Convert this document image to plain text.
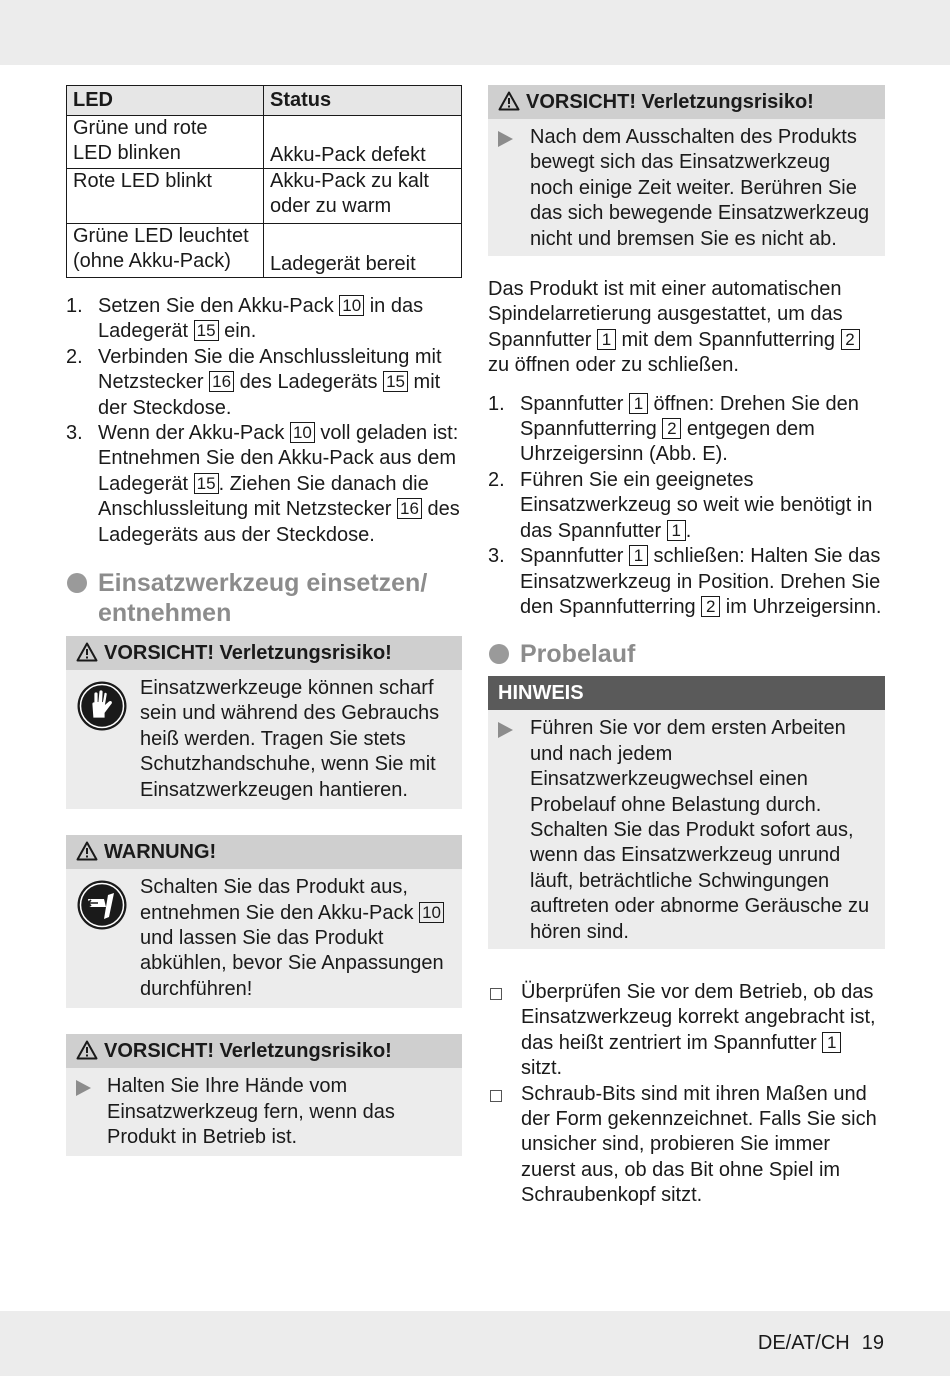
LED	Status
Grüne und rote
LED blinken	Akku-Pack defekt
Rote LED blinkt	Akku-Pack zu kalt
oder zu warm
Grüne LED leuchtet
(ohne Akku-Pack)	Ladegerät bereit
1. Setzen Sie den Akku-Pack 10 in das Ladegerät 15 ein.
2. Verbinden Sie die Anschlussleitung mit Netzstecker 16 des Ladegeräts 15 mit der Steckdose.
3. Wenn der Akku-Pack 10 voll geladen ist: Entnehmen Sie den Akku-Pack aus dem Ladegerät 15 . Ziehen Sie danach die Anschlussleitung mit Netzstecker 16 des Ladegeräts aus der Steckdose.
Einsatzwerkzeug einsetzen/
entnehmen
VORSICHT! Verletzungsrisiko!
Einsatzwerkzeuge können scharf sein und während des Gebrauchs heiß werden. Tragen Sie stets Schutzhandschuhe, wenn Sie mit Einsatzwerkzeugen hantieren.
WARNUNG!
Schalten Sie das Produkt aus, entnehmen Sie den Akku-Pack 10 und lassen Sie das Produkt abkühlen, bevor Sie Anpassungen durchführen!
VORSICHT! Verletzungsrisiko!
Halten Sie Ihre Hände vom Einsatzwerkzeug fern, wenn das Produkt in Betrieb ist.
VORSICHT! Verletzungsrisiko!
Nach dem Ausschalten des Produkts bewegt sich das Einsatzwerkzeug noch einige Zeit weiter. Berühren Sie das sich bewegende Einsatzwerkzeug nicht und bremsen Sie es nicht ab.

Das Produkt ist mit einer automatischen Spindelarretierung ausgestattet, um das Spannfutter 1 mit dem Spannfutterring 2 zu öffnen oder zu schließen.

1. Spannfutter 1 öffnen: Drehen Sie den Spannfutterring 2 entgegen dem Uhrzeigersinn (Abb. E).
2. Führen Sie ein geeignetes Einsatzwerkzeug so weit wie benötigt in das Spannfutter 1 .
3. Spannfutter 1 schließen: Halten Sie das Einsatzwerkzeug in Position. Drehen Sie den Spannfutterring 2 im Uhrzeigersinn.
Probelauf
HINWEIS
Führen Sie vor dem ersten Arbeiten und nach jedem Einsatzwerkzeugwechsel einen Probelauf ohne Belastung durch. Schalten Sie das Produkt sofort aus, wenn das Einsatzwerkzeug unrund läuft, beträchtliche Schwingungen auftreten oder abnorme Geräusche zu hören sind.
Überprüfen Sie vor dem Betrieb, ob das Einsatzwerkzeug korrekt angebracht ist, das heißt zentriert im Spannfutter 1 sitzt.
Schraub-Bits sind mit ihren Maßen und der Form gekennzeichnet. Falls Sie sich unsicher sind, probieren Sie immer zuerst aus, ob das Bit ohne Spiel im Schraubenkopf sitzt.
DE/AT/CH 19
